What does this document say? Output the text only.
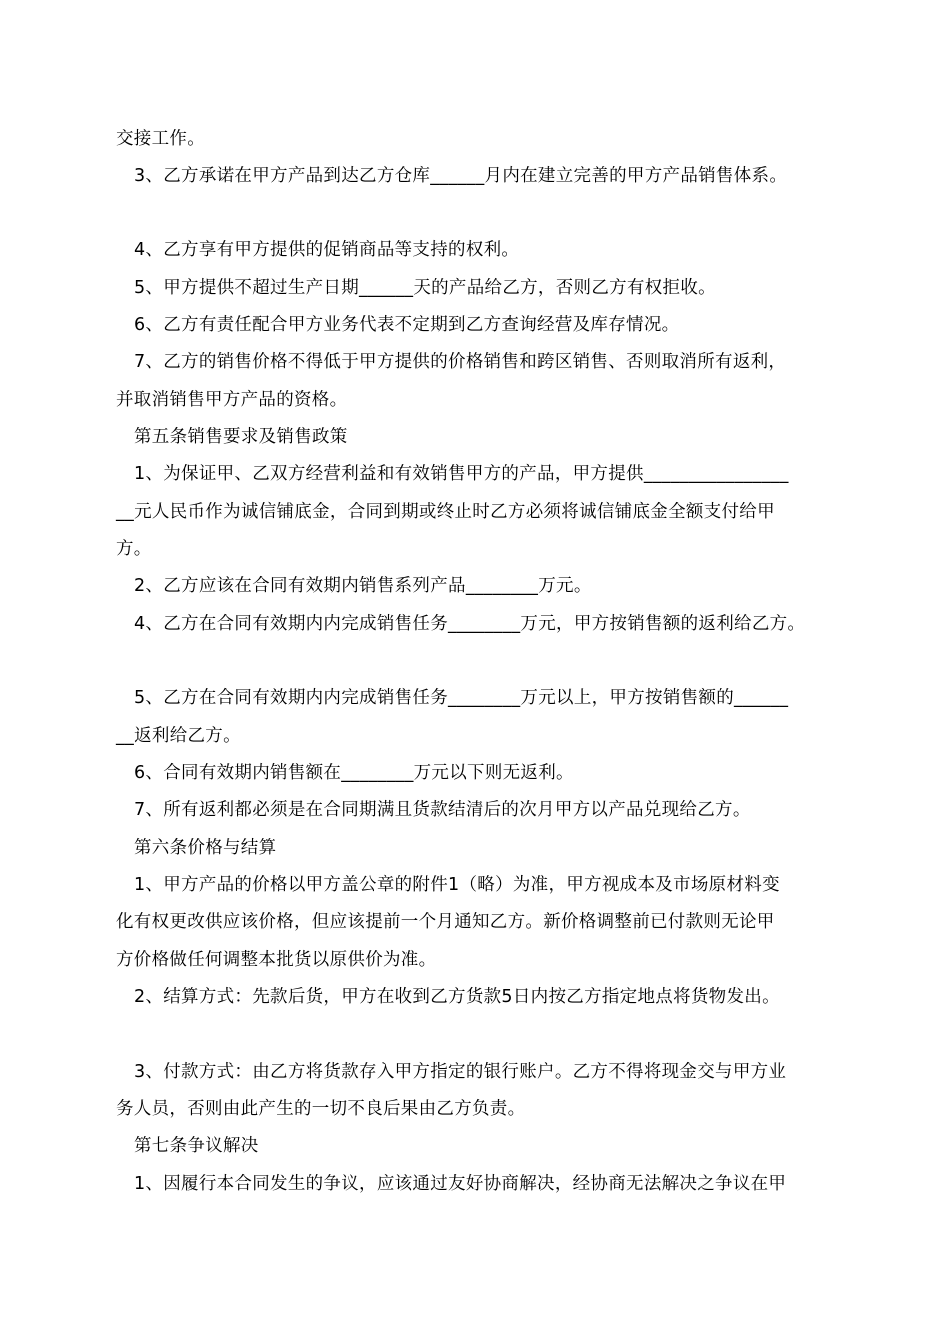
交接工作。
3、乙方承诺在甲方产品到达乙方仓库______月内在建立完善的甲方产品销售体系。
4、乙方享有甲方提供的促销商品等支持的权利。
5、甲方提供不超过生产日期______天的产品给乙方，否则乙方有权拒收。
6、乙方有责任配合甲方业务代表不定期到乙方查询经营及库存情况。
7、乙方的销售价格不得低于甲方提供的价格销售和跨区销售、否则取消所有返利，
并取消销售甲方产品的资格。
第五条销售要求及销售政策
1、为保证甲、乙双方经营利益和有效销售甲方的产品，甲方提供________________
__元人民币作为诚信铺底金，合同到期或终止时乙方必须将诚信铺底金全额支付给甲
方。
2、乙方应该在合同有效期内销售系列产品________万元。
4、乙方在合同有效期内内完成销售任务________万元，甲方按销售额的返利给乙方。
5、乙方在合同有效期内内完成销售任务________万元以上，甲方按销售额的______
__返利给乙方。
6、合同有效期内销售额在________万元以下则无返利。
7、所有返利都必须是在合同期满且货款结清后的次月甲方以产品兑现给乙方。
第六条价格与结算
1、甲方产品的价格以甲方盖公章的附件1（略）为准，甲方视成本及市场原材料变
化有权更改供应该价格，但应该提前一个月通知乙方。新价格调整前已付款则无论甲
方价格做任何调整本批货以原供价为准。
2、结算方式：先款后货，甲方在收到乙方货款5日内按乙方指定地点将货物发出。
3、付款方式：由乙方将货款存入甲方指定的银行账户。乙方不得将现金交与甲方业
务人员，否则由此产生的一切不良后果由乙方负责。
第七条争议解决
1、因履行本合同发生的争议，应该通过友好协商解决，经协商无法解决之争议在甲
